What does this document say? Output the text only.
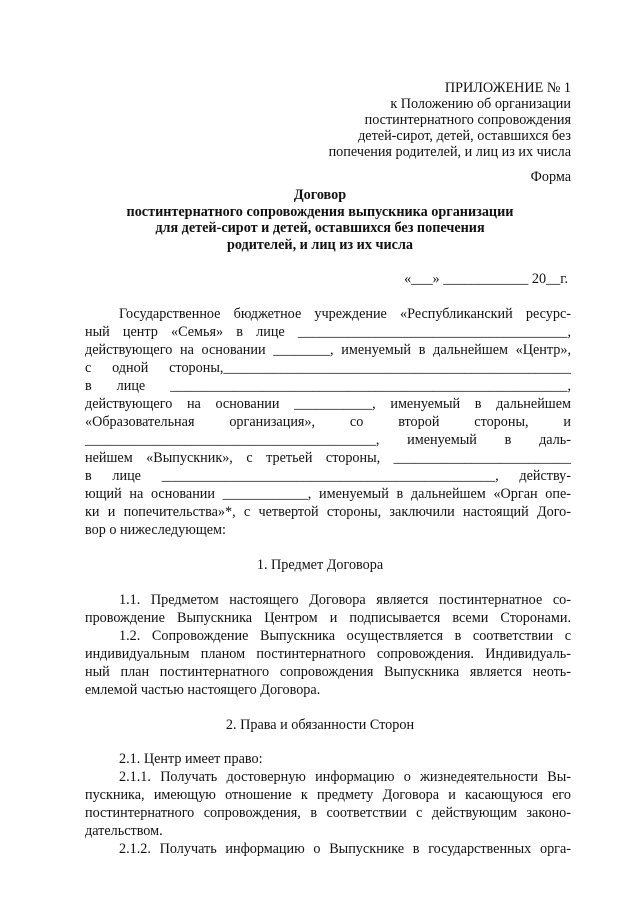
ПРИЛОЖЕНИЕ № 1
к Положению об организации
постинтернатного сопровождения
детей-сирот, детей, оставшихся без
попечения родителей, и лиц из их числа
Форма
Договор
постинтернатного сопровождения выпускника организации
для детей-сирот и детей, оставшихся без попечения
родителей, и лиц из их числа
«___» ____________ 20__г.
Государственное бюджетное учреждение «Республиканский ресурс-
ный центр «Семья» в лице ______________________________________,
действующего на основании ________, именуемый в дальнейшем «Центр»,
с одной стороны,_________________________________________________
в лице ________________________________________________________,
действующего на основании ___________, именуемый в дальнейшем
«Образовательная организация», со второй стороны, и
_________________________________________, именуемый в даль-
нейшем «Выпускник», с третьей стороны, _________________________
в лице _______________________________________________, действу-
ющий на основании ____________, именуемый в дальнейшем «Орган опе-
ки и попечительства»*, с четвертой стороны, заключили настоящий Дого-
вор о нижеследующем:
1. Предмет Договора
1.1. Предметом настоящего Договора является постинтернатное со-
провождение Выпускника Центром и подписывается всеми Сторонами.
1.2. Сопровождение Выпускника осуществляется в соответствии с
индивидуальным планом постинтернатного сопровождения. Индивидуаль-
ный план постинтернатного сопровождения Выпускника является неоть-
емлемой частью настоящего Договора.
2. Права и обязанности Сторон
2.1. Центр имеет право:
2.1.1. Получать достоверную информацию о жизнедеятельности Вы-
пускника, имеющую отношение к предмету Договора и касающуюся его
постинтернатного сопровождения, в соответствии с действующим законо-
дательством.
2.1.2. Получать информацию о Выпускнике в государственных орга-
